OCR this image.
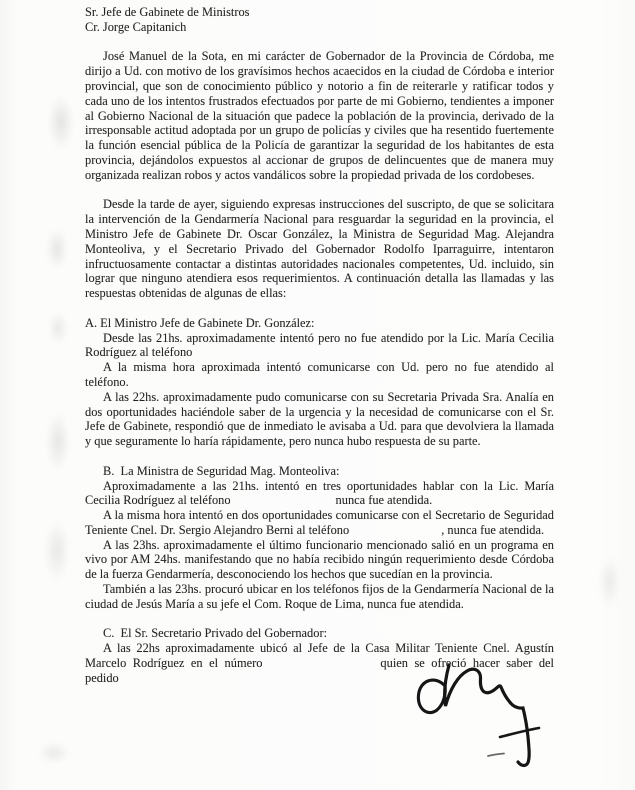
Sr. Jefe de Gabinete de Ministros
Cr. Jorge Capitanich

José Manuel de la Sota, en mi carácter de Gobernador de la Provincia de Córdoba, me dirijo a Ud. con motivo de los gravísimos hechos acaecidos en la ciudad de Córdoba e interior provincial, que son de conocimiento público y notorio a fin de reiterarle y ratificar todos y cada uno de los intentos frustrados efectuados por parte de mi Gobierno, tendientes a imponer al Gobierno Nacional de la situación que padece la población de la provincia, derivado de la irresponsable actitud adoptada por un grupo de policías y civiles que ha resentido fuertemente la función esencial pública de la Policía de garantizar la seguridad de los habitantes de esta provincia, dejándolos expuestos al accionar de grupos de delincuentes que de manera muy organizada realizan robos y actos vandálicos sobre la propiedad privada de los cordobeses.

Desde la tarde de ayer, siguiendo expresas instrucciones del suscripto, de que se solicitara la intervención de la Gendarmería Nacional para resguardar la seguridad en la provincia, el Ministro Jefe de Gabinete Dr. Oscar González, la Ministra de Seguridad Mag. Alejandra Monteoliva, y el Secretario Privado del Gobernador Rodolfo Iparraguirre, intentaron infructuosamente contactar a distintas autoridades nacionales competentes, Ud. incluido, sin lograr que ninguno atendiera esos requerimientos. A continuación detalla las llamadas y las respuestas obtenidas de algunas de ellas:

A. El Ministro Jefe de Gabinete Dr. González:

Desde las 21hs. aproximadamente intentó pero no fue atendido por la Lic. María Cecilia Rodríguez al teléfono

A la misma hora aproximada intentó comunicarse con Ud. pero no fue atendido al teléfono.

A las 22hs. aproximadamente pudo comunicarse con su Secretaria Privada Sra. Analía en dos oportunidades haciéndole saber de la urgencia y la necesidad de comunicarse con el Sr. Jefe de Gabinete, respondió que de inmediato le avisaba a Ud. para que devolviera la llamada y que seguramente lo haría rápidamente, pero nunca hubo respuesta de su parte.

B.  La Ministra de Seguridad Mag. Monteoliva:

Aproximadamente a las 21hs. intentó en tres oportunidades hablar con la Lic. María Cecilia Rodríguez al teléfono	nunca fue atendida.

A la misma hora intentó en dos oportunidades comunicarse con el Secretario de Seguridad Teniente Cnel. Dr. Sergio Alejandro Berni al teléfono	, nunca fue atendida.

A las 23hs. aproximadamente el último funcionario mencionado salió en un programa en vivo por AM 24hs. manifestando que no había recibido ningún requerimiento desde Córdoba de la fuerza Gendarmería, desconociendo los hechos que sucedían en la provincia.

También a las 23hs. procuró ubicar en los teléfonos fijos de la Gendarmería Nacional de la ciudad de Jesús María a su jefe el Com. Roque de Lima, nunca fue atendida.

C.  El Sr. Secretario Privado del Gobernador:

A las 22hs aproximadamente ubicó al Jefe de la Casa Militar Teniente Cnel. Agustín Marcelo Rodríguez en el número	quien se ofreció hacer saber del pedido
